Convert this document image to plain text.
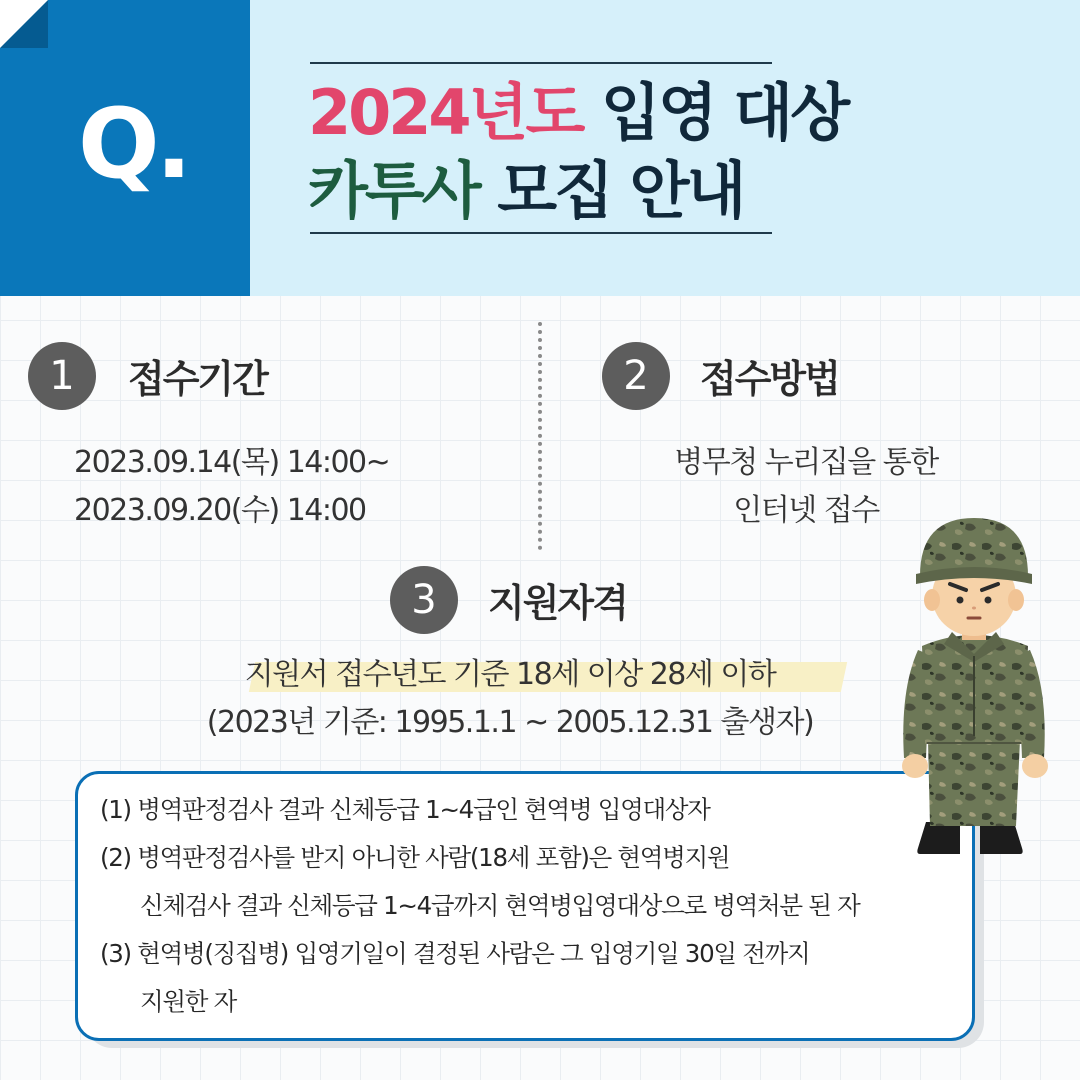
Q. 2024년도 입영 대상
카투사 모집 안내
1	접수기간
2023.09.14(목) 14:00~
2023.09.20(수) 14:00
2	접수방법
병무청 누리집을 통한
인터넷 접수
3	지원자격
지원서 접수년도 기준 18세 이상 28세 이하
(2023년 기준: 1995.1.1 ~ 2005.12.31 출생자)
(1) 병역판정검사 결과 신체등급 1~4급인 현역병 입영대상자
(2) 병역판정검사를 받지 아니한 사람(18세 포함)은 현역병지원
신체검사 결과 신체등급 1~4급까지 현역병입영대상으로 병역처분 된 자
(3) 현역병(징집병) 입영기일이 결정된 사람은 그 입영기일 30일 전까지
지원한 자
